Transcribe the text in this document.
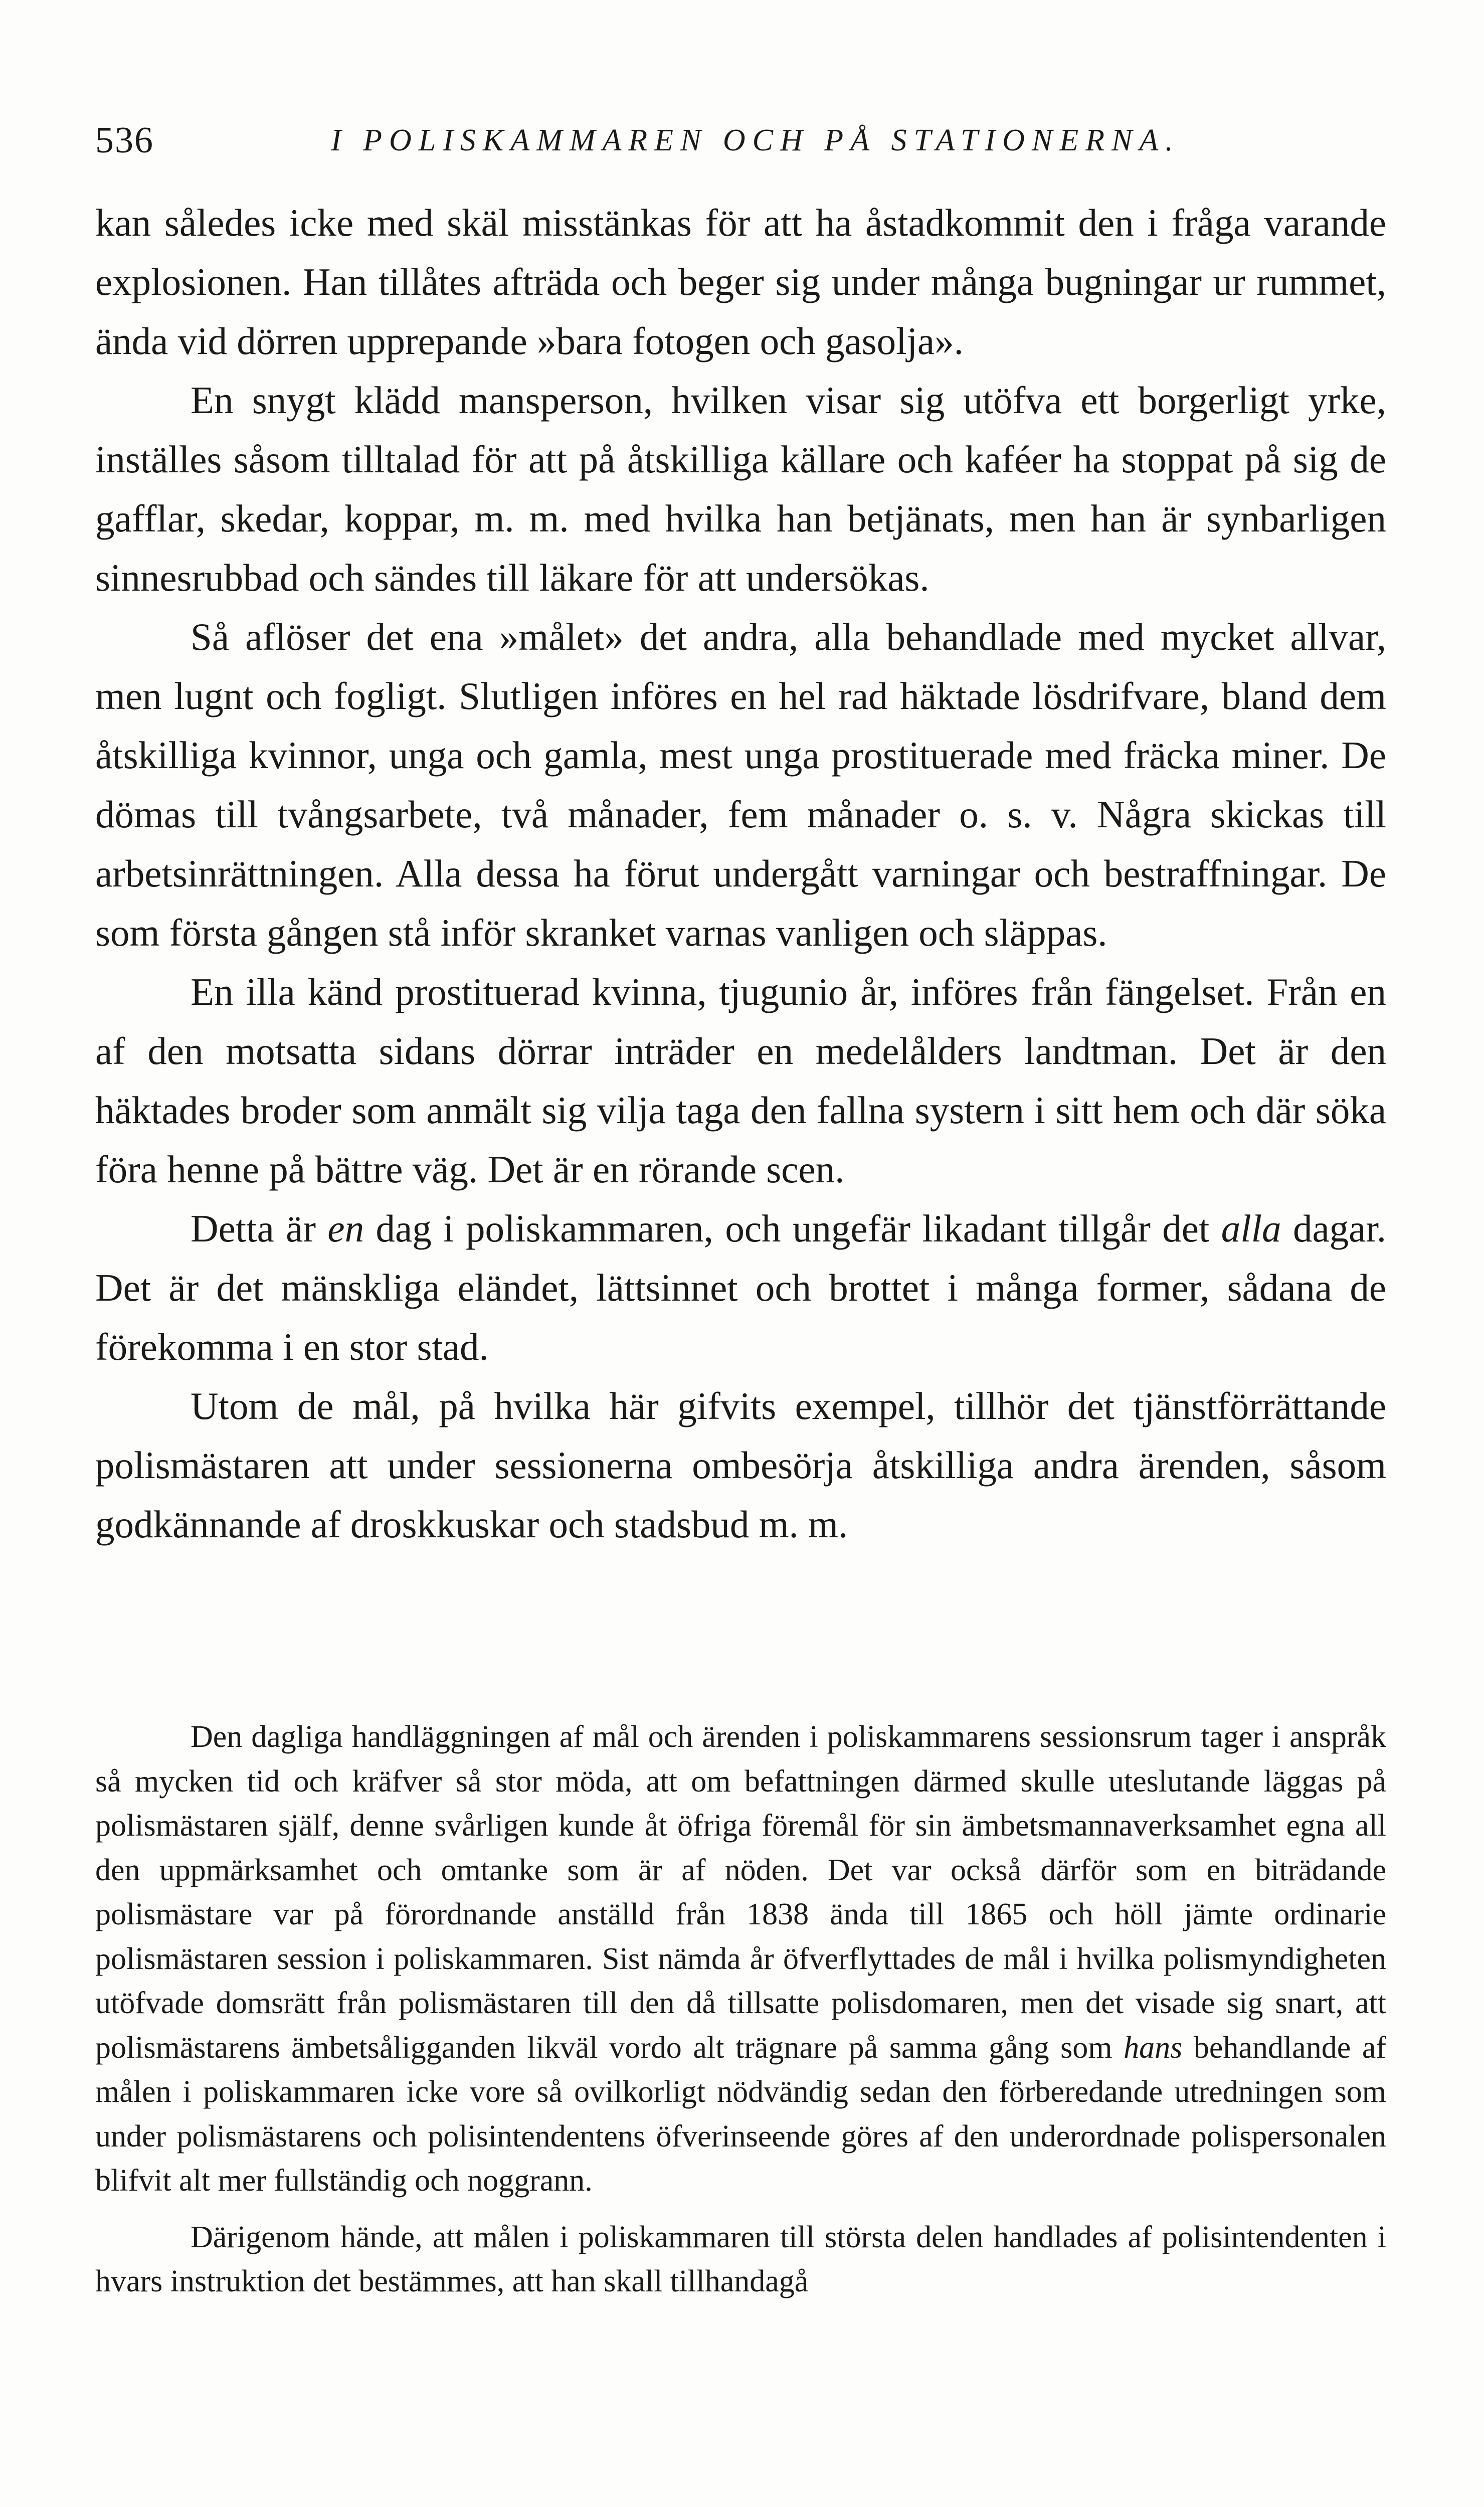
536	I POLISKAMMAREN OCH PÅ STATIONERNA.

kan således icke med skäl misstänkas för att ha åstadkommit den i fråga varande explosionen. Han tillåtes afträda och beger sig under många bugningar ur rummet, ända vid dörren upprepande »bara fotogen och gasolja».

En snygt klädd mansperson, hvilken visar sig utöfva ett borgerligt yrke, inställes såsom tilltalad för att på åtskilliga källare och kaféer ha stoppat på sig de gafflar, skedar, koppar, m. m. med hvilka han betjänats, men han är synbarligen sinnesrubbad och sändes till läkare för att undersökas.

Så aflöser det ena »målet» det andra, alla behandlade med mycket allvar, men lugnt och fogligt. Slutligen införes en hel rad häktade lösdrifvare, bland dem åtskilliga kvinnor, unga och gamla, mest unga prostituerade med fräcka miner. De dömas till tvångsarbete, två månader, fem månader o. s. v. Några skickas till arbetsinrättningen. Alla dessa ha förut undergått varningar och bestraffningar. De som första gången stå inför skranket varnas vanligen och släppas.

En illa känd prostituerad kvinna, tjugunio år, införes från fängelset. Från en af den motsatta sidans dörrar inträder en medelålders landtman. Det är den häktades broder som anmält sig vilja taga den fallna systern i sitt hem och där söka föra henne på bättre väg. Det är en rörande scen.

Detta är en dag i poliskammaren, och ungefär likadant tillgår det alla dagar. Det är det mänskliga eländet, lättsinnet och brottet i många former, sådana de förekomma i en stor stad.

Utom de mål, på hvilka här gifvits exempel, tillhör det tjänstförrättande polismästaren att under sessionerna ombesörja åtskilliga andra ärenden, såsom godkännande af droskkuskar och stadsbud m. m.

Den dagliga handläggningen af mål och ärenden i poliskammarens sessionsrum tager i anspråk så mycken tid och kräfver så stor möda, att om befattningen därmed skulle uteslutande läggas på polismästaren själf, denne svårligen kunde åt öfriga föremål för sin ämbetsmannaverksamhet egna all den uppmärksamhet och omtanke som är af nöden. Det var också därför som en biträdande polismästare var på förordnande anställd från 1838 ända till 1865 och höll jämte ordinarie polismästaren session i poliskammaren. Sist nämda år öfverflyttades de mål i hvilka polismyndigheten utöfvade domsrätt från polismästaren till den då tillsatte polisdomaren, men det visade sig snart, att polismästarens ämbetsåligganden likväl vordo alt trägnare på samma gång som hans behandlande af målen i poliskammaren icke vore så ovilkorligt nödvändig sedan den förberedande utredningen som under polismästarens och polisintendentens öfverinseende göres af den underordnade polispersonalen blifvit alt mer fullständig och noggrann.

Därigenom hände, att målen i poliskammaren till största delen handlades af polisintendenten i hvars instruktion det bestämmes, att han skall tillhandagå
